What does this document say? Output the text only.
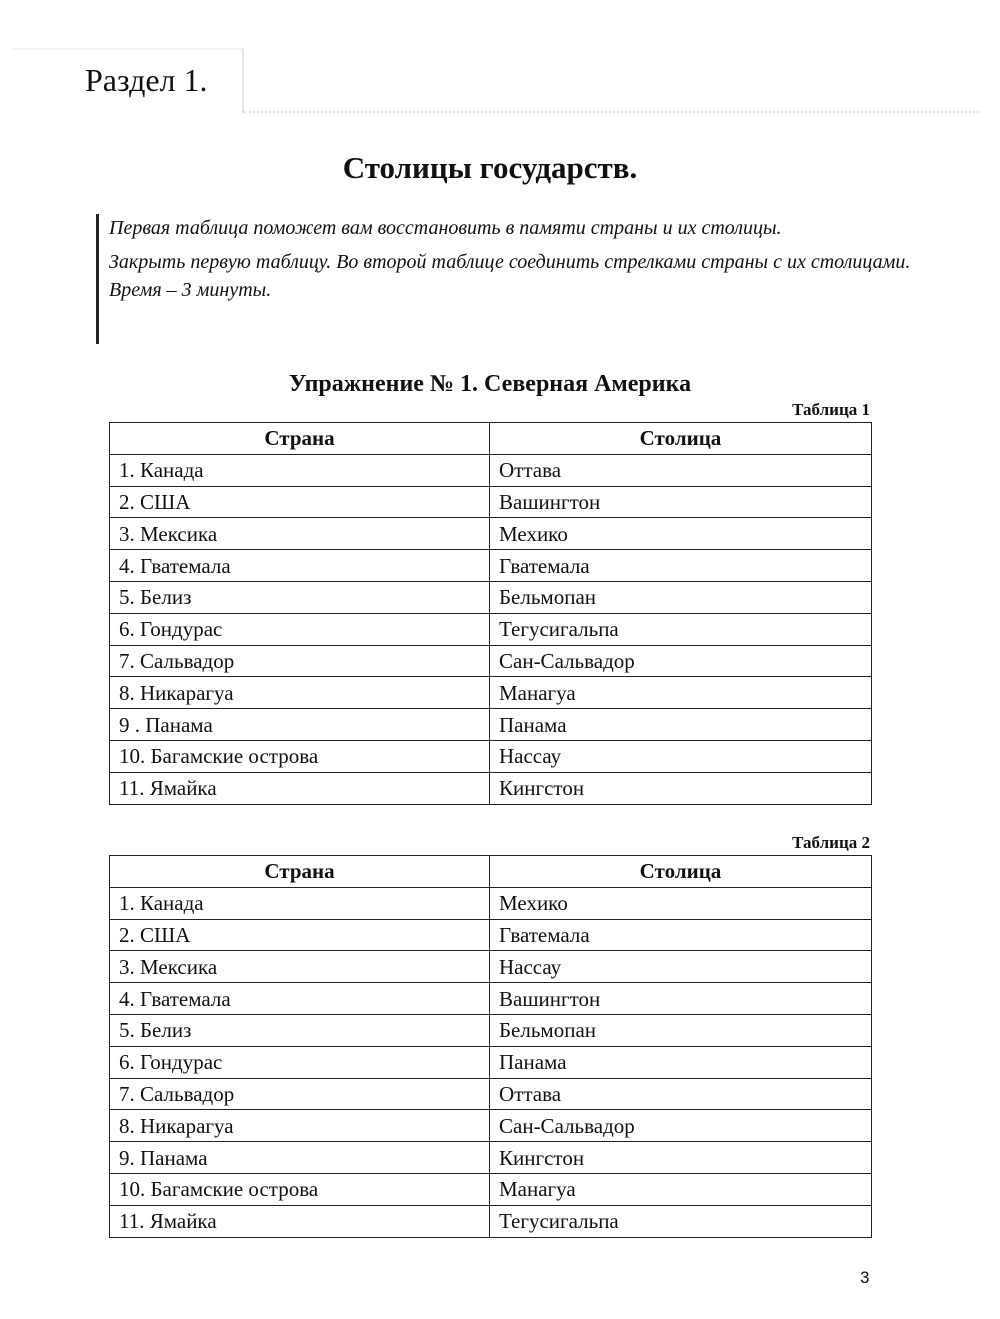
Раздел 1.
Столицы государств.

Первая таблица поможет вам восстановить в памяти страны и их столицы.

Закрыть первую таблицу. Во второй таблице соединить стрелками страны с их столицами. Время – 3 минуты.

Упражнение № 1. Северная Америка
Таблица 1
Страна	Столица
1. Канада	Оттава
2. США	Вашингтон
3. Мексика	Мехико
4. Гватемала	Гватемала
5. Белиз	Бельмопан
6. Гондурас	Тегусигальпа
7. Сальвадор	Сан-Сальвадор
8. Никарагуа	Манагуа
9 . Панама	Панама
10. Багамские острова	Нассау
11. Ямайка	Кингстон
Таблица 2
Страна	Столица
1. Канада	Мехико
2. США	Гватемала
3. Мексика	Нассау
4. Гватемала	Вашингтон
5. Белиз	Бельмопан
6. Гондурас	Панама
7. Сальвадор	Оттава
8. Никарагуа	Сан-Сальвадор
9. Панама	Кингстон
10. Багамские острова	Манагуа
11. Ямайка	Тегусигальпа
3
